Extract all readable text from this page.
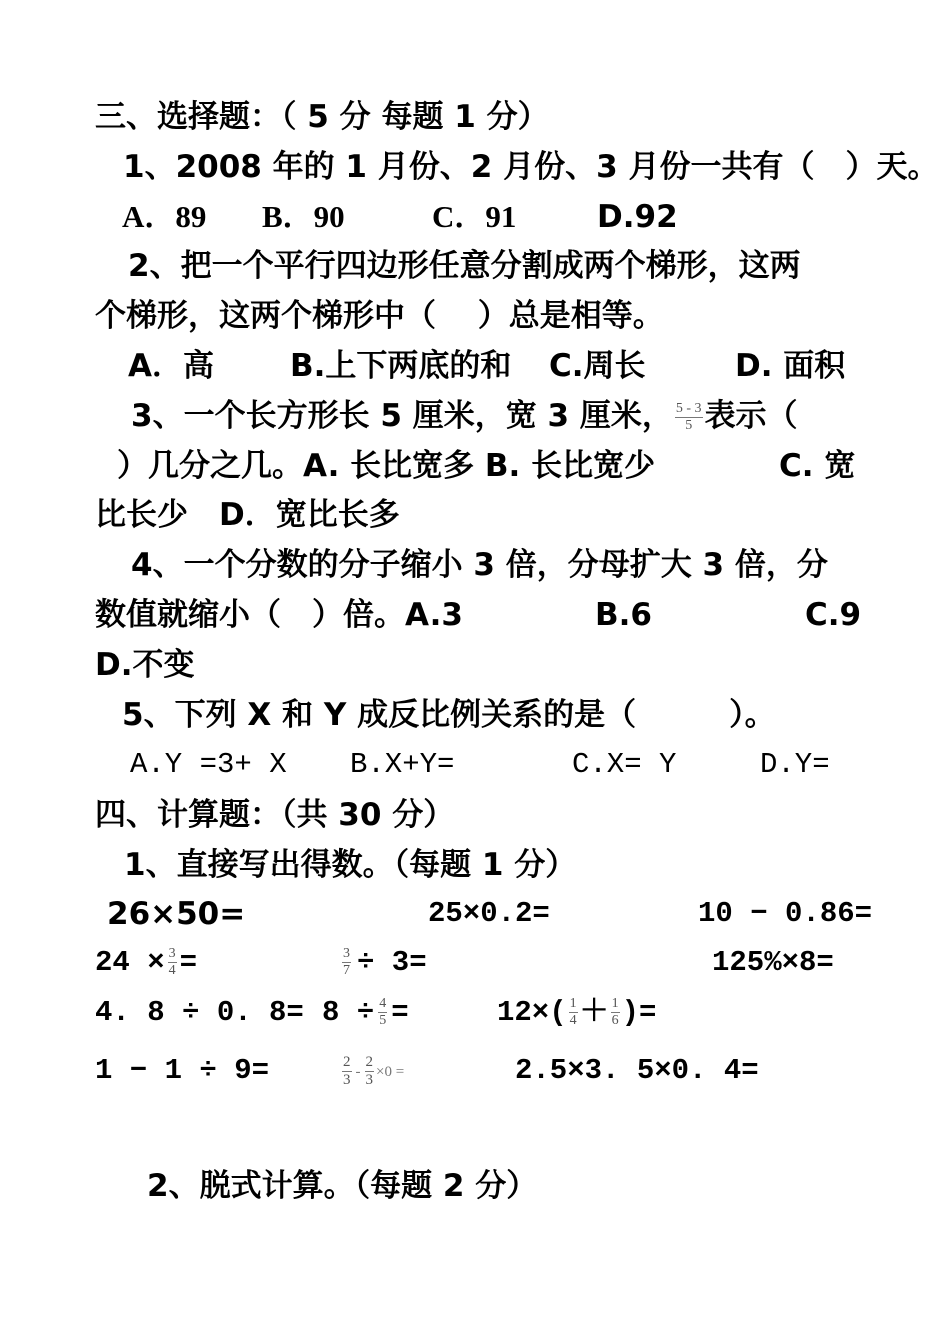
三、选择题：（ 5 分 每题 1 分）
1、2008 年的 1 月份、2 月份、3 月份一共有（　）天。
A．89 B．90	C．91	D.92
2、把一个平行四边形任意分割成两个梯形，这两
个梯形，这两个梯形中（　 ）总是相等。
A．高 B.上下两底的和 C.周长	D. 面积
3、一个长方形长 5 厘米，宽 3 厘米， $\frac{5 - 3}{5}$ 表示（
）几分之几。A. 长比宽多 B. 长比宽少	C. 宽
比长少　D．宽比长多
4、一个分数的分子缩小 3 倍，分母扩大 3 倍，分
数值就缩小（　）倍。A.3	B.6	C.9
D.不变
5、下列 X 和 Y 成反比例关系的是（　　　）。
A.Y =3+ X B.X+Y=	C.X= Y	D.Y=
四、计算题：（共 30 分）
1、直接写出得数。（每题 1 分）
26×50=	25×0.2=	10 − 0.86=
$24 \times \frac{3}{4}$ =	$\frac{3}{7} \div 3=$	125%×8=
4. 8 ÷ 0. $8= 8 \div \frac{4}{5}$ =	$12\times( \frac{1}{4} + \frac{1}{6}$ )=
1 − 1 ÷ 9=	$\frac{2}{3} - \frac{2}{3} \times 0$ =	2.5×3. 5×0. 4=
2、脱式计算。（每题 2 分）
